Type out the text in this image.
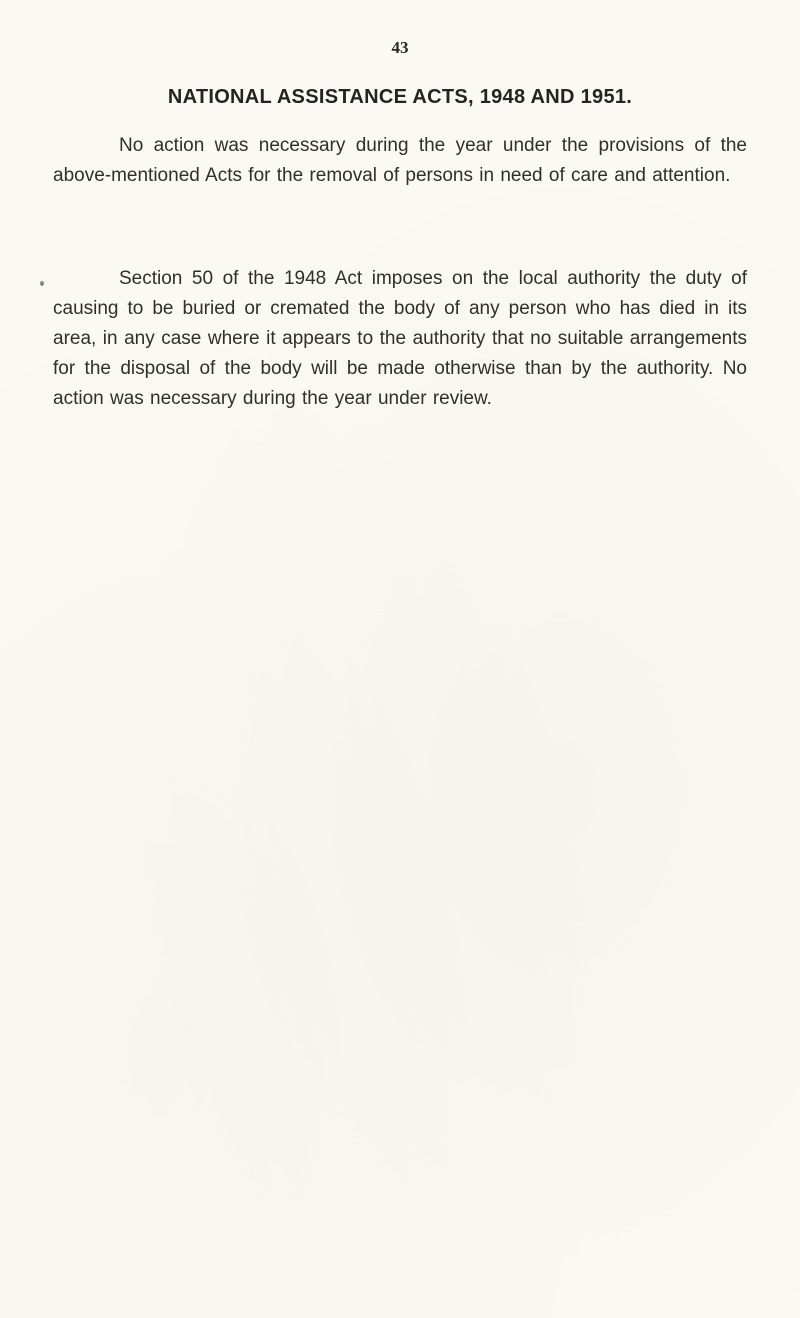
43

NATIONAL ASSISTANCE ACTS, 1948 AND 1951.

No action was necessary during the year under the provisions of the above-mentioned Acts for the removal of persons in need of care and attention.

Section 50 of the 1948 Act imposes on the local authority the duty of causing to be buried or cremated the body of any person who has died in its area, in any case where it appears to the authority that no suitable arrangements for the disposal of the body will be made otherwise than by the authority. No action was necessary during the year under review.
